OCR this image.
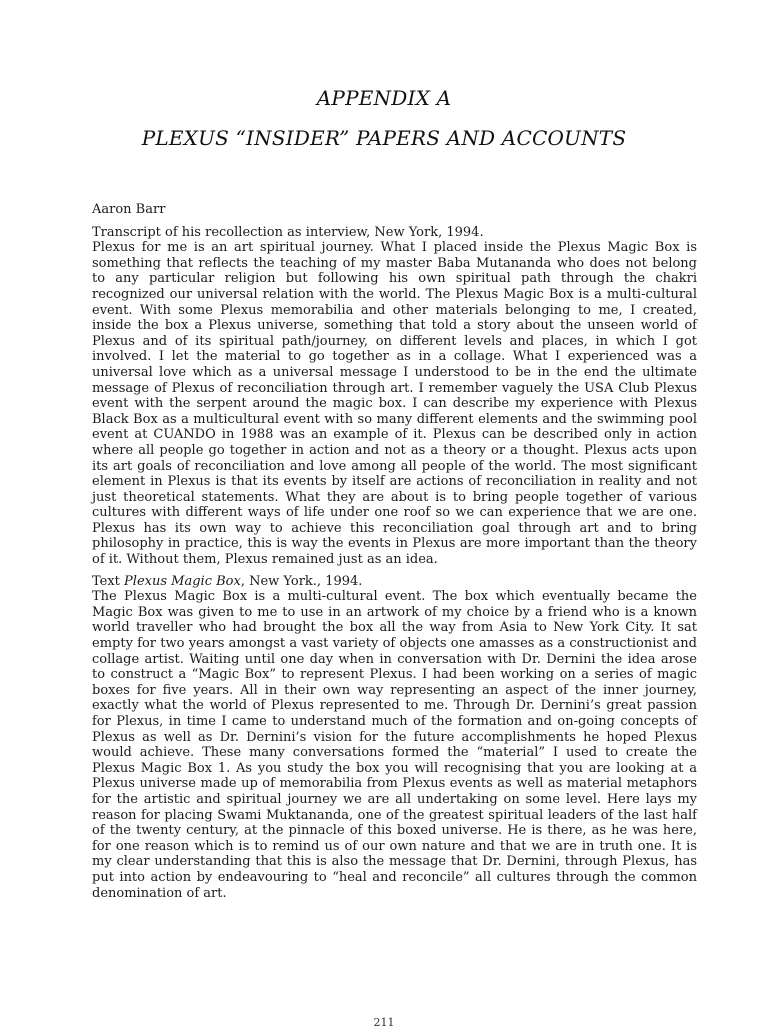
APPENDIX A
PLEXUS “INSIDER” PAPERS AND ACCOUNTS

Aaron Barr

Transcript of his recollection as interview, New York, 1994.

Plexus for me is an art spiritual journey. What I placed inside the Plexus Magic Box is something that reflects the teaching of my master Baba Mutananda who does not belong to any particular religion but following his own spiritual path through the chakri recognized our universal relation with the world. The Plexus Magic Box is a multi-cultural event. With some Plexus memorabilia and other materials belonging to me, I created, inside the box a Plexus universe, something that told a story about the unseen world of Plexus and of its spiritual path/journey, on different levels and places, in which I got involved. I let the material to go together as in a collage. What I experienced was a universal love which as a universal message I understood to be in the end the ultimate message of Plexus of reconciliation through art. I remember vaguely the USA Club Plexus event with the serpent around the magic box. I can describe my experience with Plexus Black Box as a multicultural event with so many different elements and the swimming pool event at CUANDO in 1988 was an example of it. Plexus can be described only in action where all people go together in action and not as a theory or a thought. Plexus acts upon its art goals of reconciliation and love among all people of the world. The most significant element in Plexus is that its events by itself are actions of reconciliation in reality and not just theoretical statements. What they are about is to bring people together of various cultures with different ways of life under one roof so we can experience that we are one. Plexus has its own way to achieve this reconciliation goal through art and to bring philosophy in practice, this is way the events in Plexus are more important than the theory of it. Without them, Plexus remained just as an idea.

Text Plexus Magic Box, New York., 1994.

The Plexus Magic Box is a multi-cultural event. The box which eventually became the Magic Box was given to me to use in an artwork of my choice by a friend who is a known world traveller who had brought the box all the way from Asia to New York City. It sat empty for two years amongst a vast variety of objects one amasses as a constructionist and collage artist. Waiting until one day when in conversation with Dr. Dernini the idea arose to construct a “Magic Box” to represent Plexus. I had been working on a series of magic boxes for five years. All in their own way representing an aspect of the inner journey, exactly what the world of Plexus represented to me. Through Dr. Dernini’s great passion for Plexus, in time I came to understand much of the formation and on-going concepts of Plexus as well as Dr. Dernini’s vision for the future accomplishments he hoped Plexus would achieve. These many conversations formed the “material” I used to create the Plexus Magic Box 1. As you study the box you will recognising that you are looking at a Plexus universe made up of memorabilia from Plexus events as well as material metaphors for the artistic and spiritual journey we are all undertaking on some level. Here lays my reason for placing Swami Muktananda, one of the greatest spiritual leaders of the last half of the twenty century, at the pinnacle of this boxed universe. He is there, as he was here, for one reason which is to remind us of our own nature and that we are in truth one. It is my clear understanding that this is also the message that Dr. Dernini, through Plexus, has put into action by endeavouring to “heal and reconcile” all cultures through the common denomination of art.

211
